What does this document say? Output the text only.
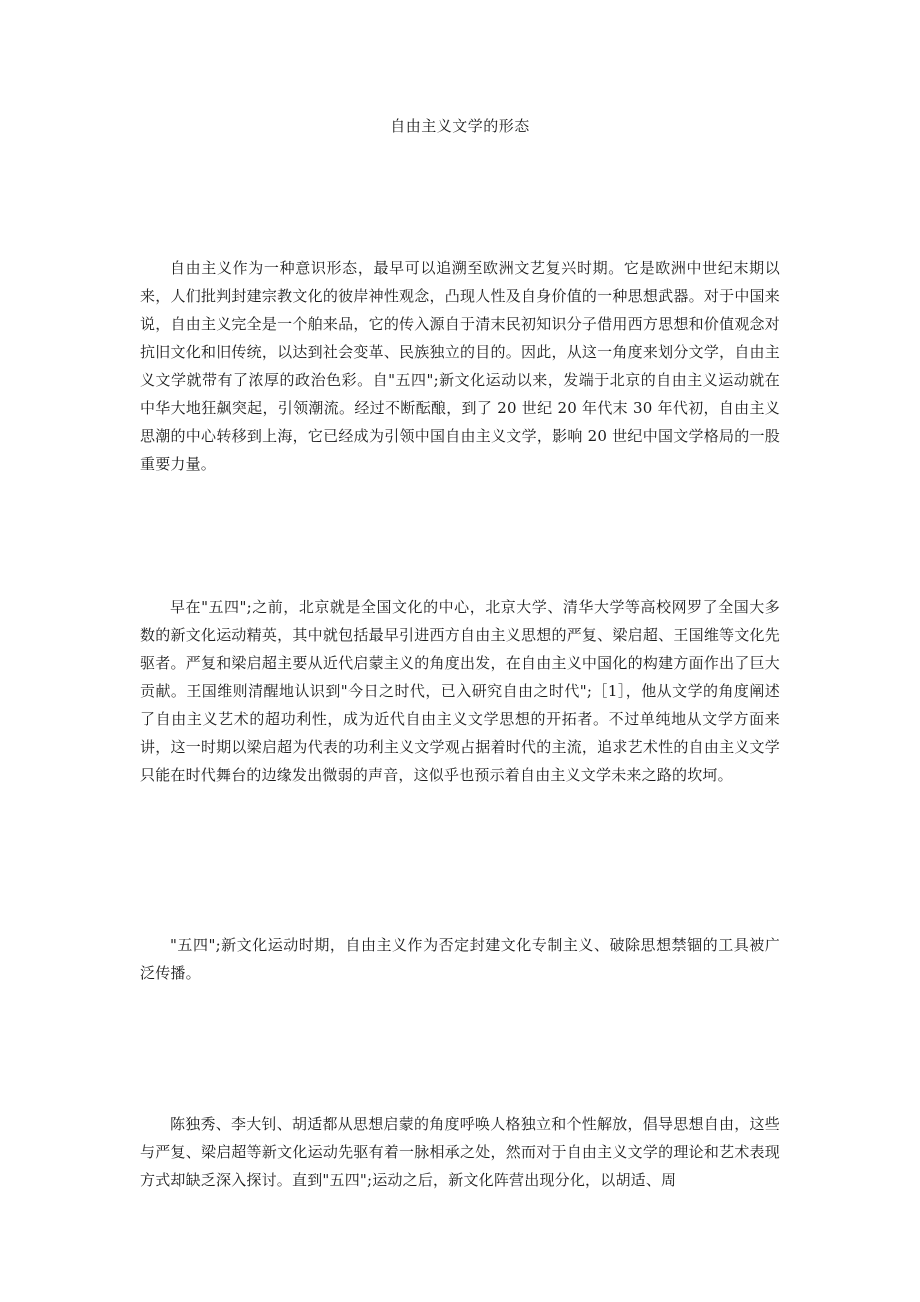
自由主义文学的形态

自由主义作为一种意识形态，最早可以追溯至欧洲文艺复兴时期。它是欧洲中世纪末期以来，人们批判封建宗教文化的彼岸神性观念，凸现人性及自身价值的一种思想武器。对于中国来说，自由主义完全是一个舶来品，它的传入源自于清末民初知识分子借用西方思想和价值观念对抗旧文化和旧传统，以达到社会变革、民族独立的目的。因此，从这一角度来划分文学，自由主义文学就带有了浓厚的政治色彩。自"五四";新文化运动以来，发端于北京的自由主义运动就在中华大地狂飙突起，引领潮流。经过不断酝酿，到了 20 世纪 20 年代末 30 年代初，自由主义思潮的中心转移到上海，它已经成为引领中国自由主义文学，影响 20 世纪中国文学格局的一股重要力量。

早在"五四";之前，北京就是全国文化的中心，北京大学、清华大学等高校网罗了全国大多数的新文化运动精英，其中就包括最早引进西方自由主义思想的严复、梁启超、王国维等文化先驱者。严复和梁启超主要从近代启蒙主义的角度出发，在自由主义中国化的构建方面作出了巨大贡献。王国维则清醒地认识到"今日之时代，已入研究自由之时代";［1］，他从文学的角度阐述了自由主义艺术的超功利性，成为近代自由主义文学思想的开拓者。不过单纯地从文学方面来讲，这一时期以梁启超为代表的功利主义文学观占据着时代的主流，追求艺术性的自由主义文学只能在时代舞台的边缘发出微弱的声音，这似乎也预示着自由主义文学未来之路的坎坷。

"五四";新文化运动时期，自由主义作为否定封建文化专制主义、破除思想禁锢的工具被广泛传播。

陈独秀、李大钊、胡适都从思想启蒙的角度呼唤人格独立和个性解放，倡导思想自由，这些与严复、梁启超等新文化运动先驱有着一脉相承之处，然而对于自由主义文学的理论和艺术表现方式却缺乏深入探讨。直到"五四";运动之后，新文化阵营出现分化，以胡适、周
